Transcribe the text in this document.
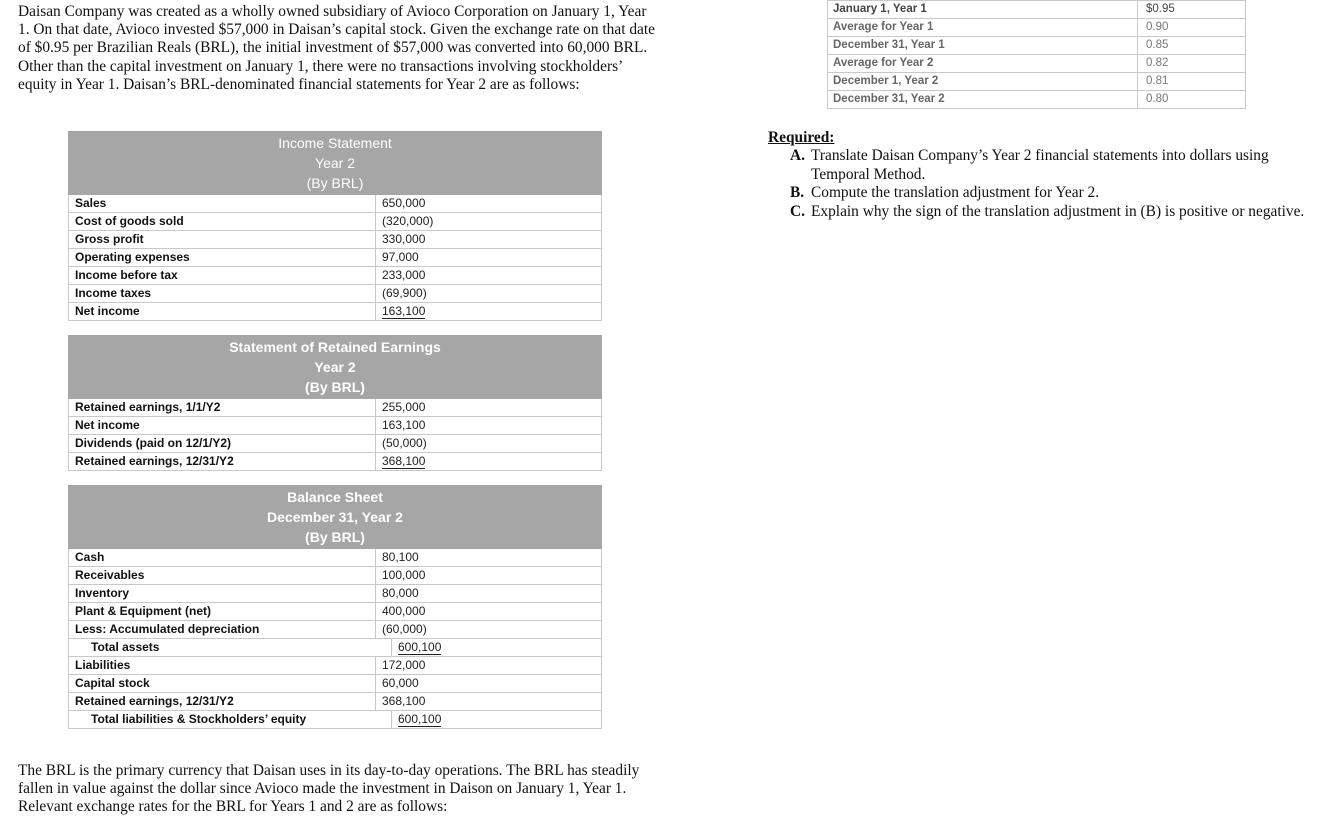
Daisan Company was created as a wholly owned subsidiary of Avioco Corporation on January 1, Year 1. On that date, Avioco invested $57,000 in Daisan’s capital stock. Given the exchange rate on that date of $0.95 per Brazilian Reals (BRL), the initial investment of $57,000 was converted into 60,000 BRL. Other than the capital investment on January 1, there were no transactions involving stockholders’ equity in Year 1. Daisan’s BRL-denominated financial statements for Year 2 are as follows:

Income Statement
Year 2
(By BRL)
Sales	650,000
Cost of goods sold	(320,000)
Gross profit	330,000
Operating expenses	97,000
Income before tax	233,000
Income taxes	(69,900)
Net income	163,100
Statement of Retained Earnings
Year 2
(By BRL)
Retained earnings, 1/1/Y2	255,000
Net income	163,100
Dividends (paid on 12/1/Y2)	(50,000)
Retained earnings, 12/31/Y2	368,100
Balance Sheet
December 31, Year 2
(By BRL)
Cash	80,100
Receivables	100,000
Inventory	80,000
Plant & Equipment (net)	400,000
Less: Accumulated depreciation	(60,000)
Total assets	600,100
Liabilities	172,000
Capital stock	60,000
Retained earnings, 12/31/Y2	368,100
Total liabilities & Stockholders’ equity	600,100

The BRL is the primary currency that Daisan uses in its day-to-day operations. The BRL has steadily fallen in value against the dollar since Avioco made the investment in Daison on January 1, Year 1. Relevant exchange rates for the BRL for Years 1 and 2 are as follows:

January 1, Year 1	$0.95
Average for Year 1	0.90
December 31, Year 1	0.85
Average for Year 2	0.82
December 1, Year 2	0.81
December 31, Year 2	0.80
Required:
A. Translate Daisan Company’s Year 2 financial statements into dollars using Temporal Method.
B. Compute the translation adjustment for Year 2.
C. Explain why the sign of the translation adjustment in (B) is positive or negative.
